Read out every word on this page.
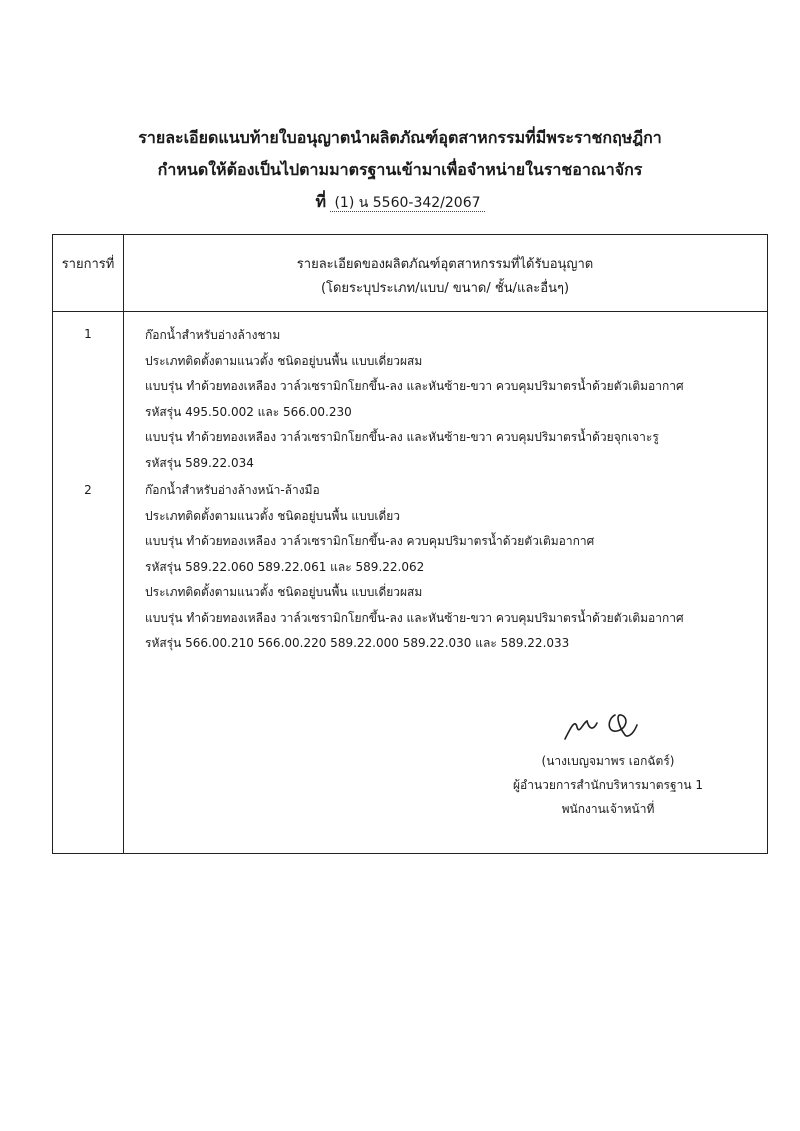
รายละเอียดแนบท้ายใบอนุญาตนำผลิตภัณฑ์อุตสาหกรรมที่มีพระราชกฤษฎีกา
กำหนดให้ต้องเป็นไปตามมาตรฐานเข้ามาเพื่อจำหน่ายในราชอาณาจักร
ที่ (1) น 5560-342/2067
รายการที่	รายละเอียดของผลิตภัณฑ์อุตสาหกรรมที่ได้รับอนุญาต
(โดยระบุประเภท/แบบ/ ขนาด/ ชั้น/และอื่นๆ)
1	ก๊อกน้ำสำหรับอ่างล้างชาม
ประเภทติดตั้งตามแนวตั้ง ชนิดอยู่บนพื้น แบบเดี่ยวผสม
แบบรุ่น ทำด้วยทองเหลือง วาล์วเซรามิกโยกขึ้น-ลง และหันซ้าย-ขวา ควบคุมปริมาตรน้ำด้วยตัวเติมอากาศ
รหัสรุ่น 495.50.002 และ 566.00.230
แบบรุ่น ทำด้วยทองเหลือง วาล์วเซรามิกโยกขึ้น-ลง และหันซ้าย-ขวา ควบคุมปริมาตรน้ำด้วยจุกเจาะรู
รหัสรุ่น 589.22.034
2	ก๊อกน้ำสำหรับอ่างล้างหน้า-ล้างมือ
ประเภทติดตั้งตามแนวตั้ง ชนิดอยู่บนพื้น แบบเดี่ยว
แบบรุ่น ทำด้วยทองเหลือง วาล์วเซรามิกโยกขึ้น-ลง ควบคุมปริมาตรน้ำด้วยตัวเติมอากาศ
รหัสรุ่น 589.22.060 589.22.061 และ 589.22.062
ประเภทติดตั้งตามแนวตั้ง ชนิดอยู่บนพื้น แบบเดี่ยวผสม
แบบรุ่น ทำด้วยทองเหลือง วาล์วเซรามิกโยกขึ้น-ลง และหันซ้าย-ขวา ควบคุมปริมาตรน้ำด้วยตัวเติมอากาศ
รหัสรุ่น 566.00.210 566.00.220 589.22.000 589.22.030 และ 589.22.033
(นางเบญจมาพร เอกฉัตร์)
ผู้อำนวยการสำนักบริหารมาตรฐาน 1
พนักงานเจ้าหน้าที่
